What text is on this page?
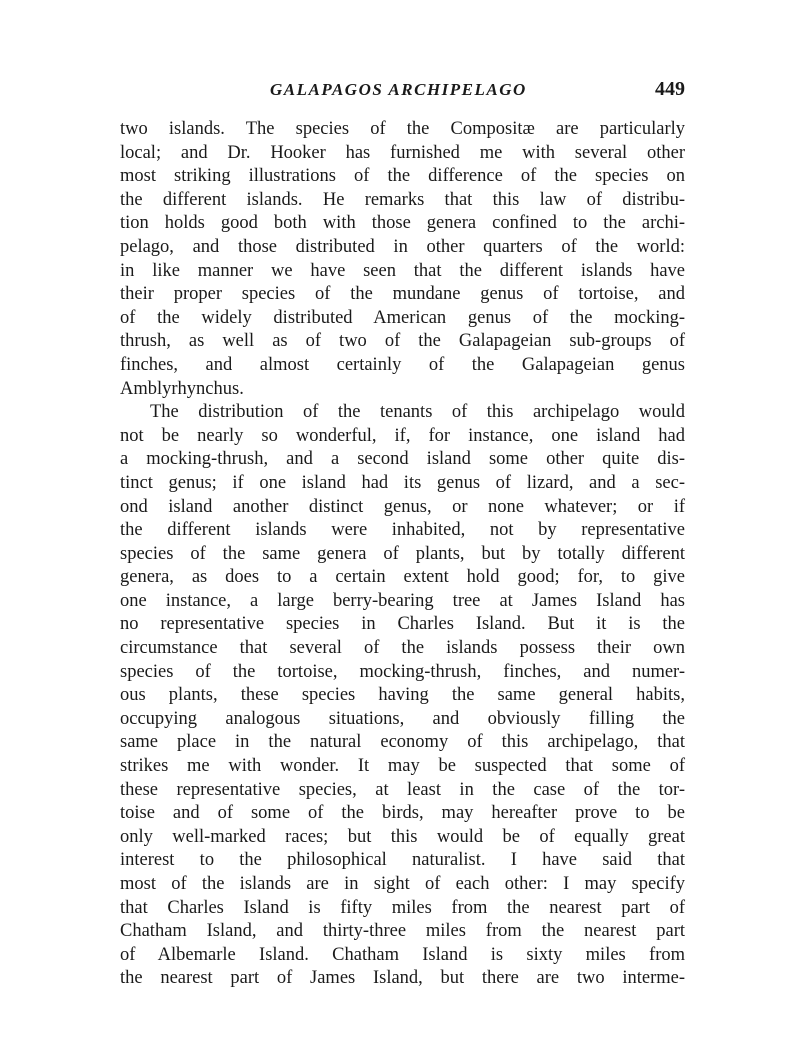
GALAPAGOS ARCHIPELAGO	449
two islands. The species of the Compositæ are particularly
local; and Dr. Hooker has furnished me with several other
most striking illustrations of the difference of the species on
the different islands. He remarks that this law of distribu-
tion holds good both with those genera confined to the archi-
pelago, and those distributed in other quarters of the world:
in like manner we have seen that the different islands have
their proper species of the mundane genus of tortoise, and
of the widely distributed American genus of the mocking-
thrush, as well as of two of the Galapageian sub-groups of
finches, and almost certainly of the Galapageian genus
Amblyrhynchus.
The distribution of the tenants of this archipelago would
not be nearly so wonderful, if, for instance, one island had
a mocking-thrush, and a second island some other quite dis-
tinct genus; if one island had its genus of lizard, and a sec-
ond island another distinct genus, or none whatever; or if
the different islands were inhabited, not by representative
species of the same genera of plants, but by totally different
genera, as does to a certain extent hold good; for, to give
one instance, a large berry-bearing tree at James Island has
no representative species in Charles Island. But it is the
circumstance that several of the islands possess their own
species of the tortoise, mocking-thrush, finches, and numer-
ous plants, these species having the same general habits,
occupying analogous situations, and obviously filling the
same place in the natural economy of this archipelago, that
strikes me with wonder. It may be suspected that some of
these representative species, at least in the case of the tor-
toise and of some of the birds, may hereafter prove to be
only well-marked races; but this would be of equally great
interest to the philosophical naturalist. I have said that
most of the islands are in sight of each other: I may specify
that Charles Island is fifty miles from the nearest part of
Chatham Island, and thirty-three miles from the nearest part
of Albemarle Island. Chatham Island is sixty miles from
the nearest part of James Island, but there are two interme-
